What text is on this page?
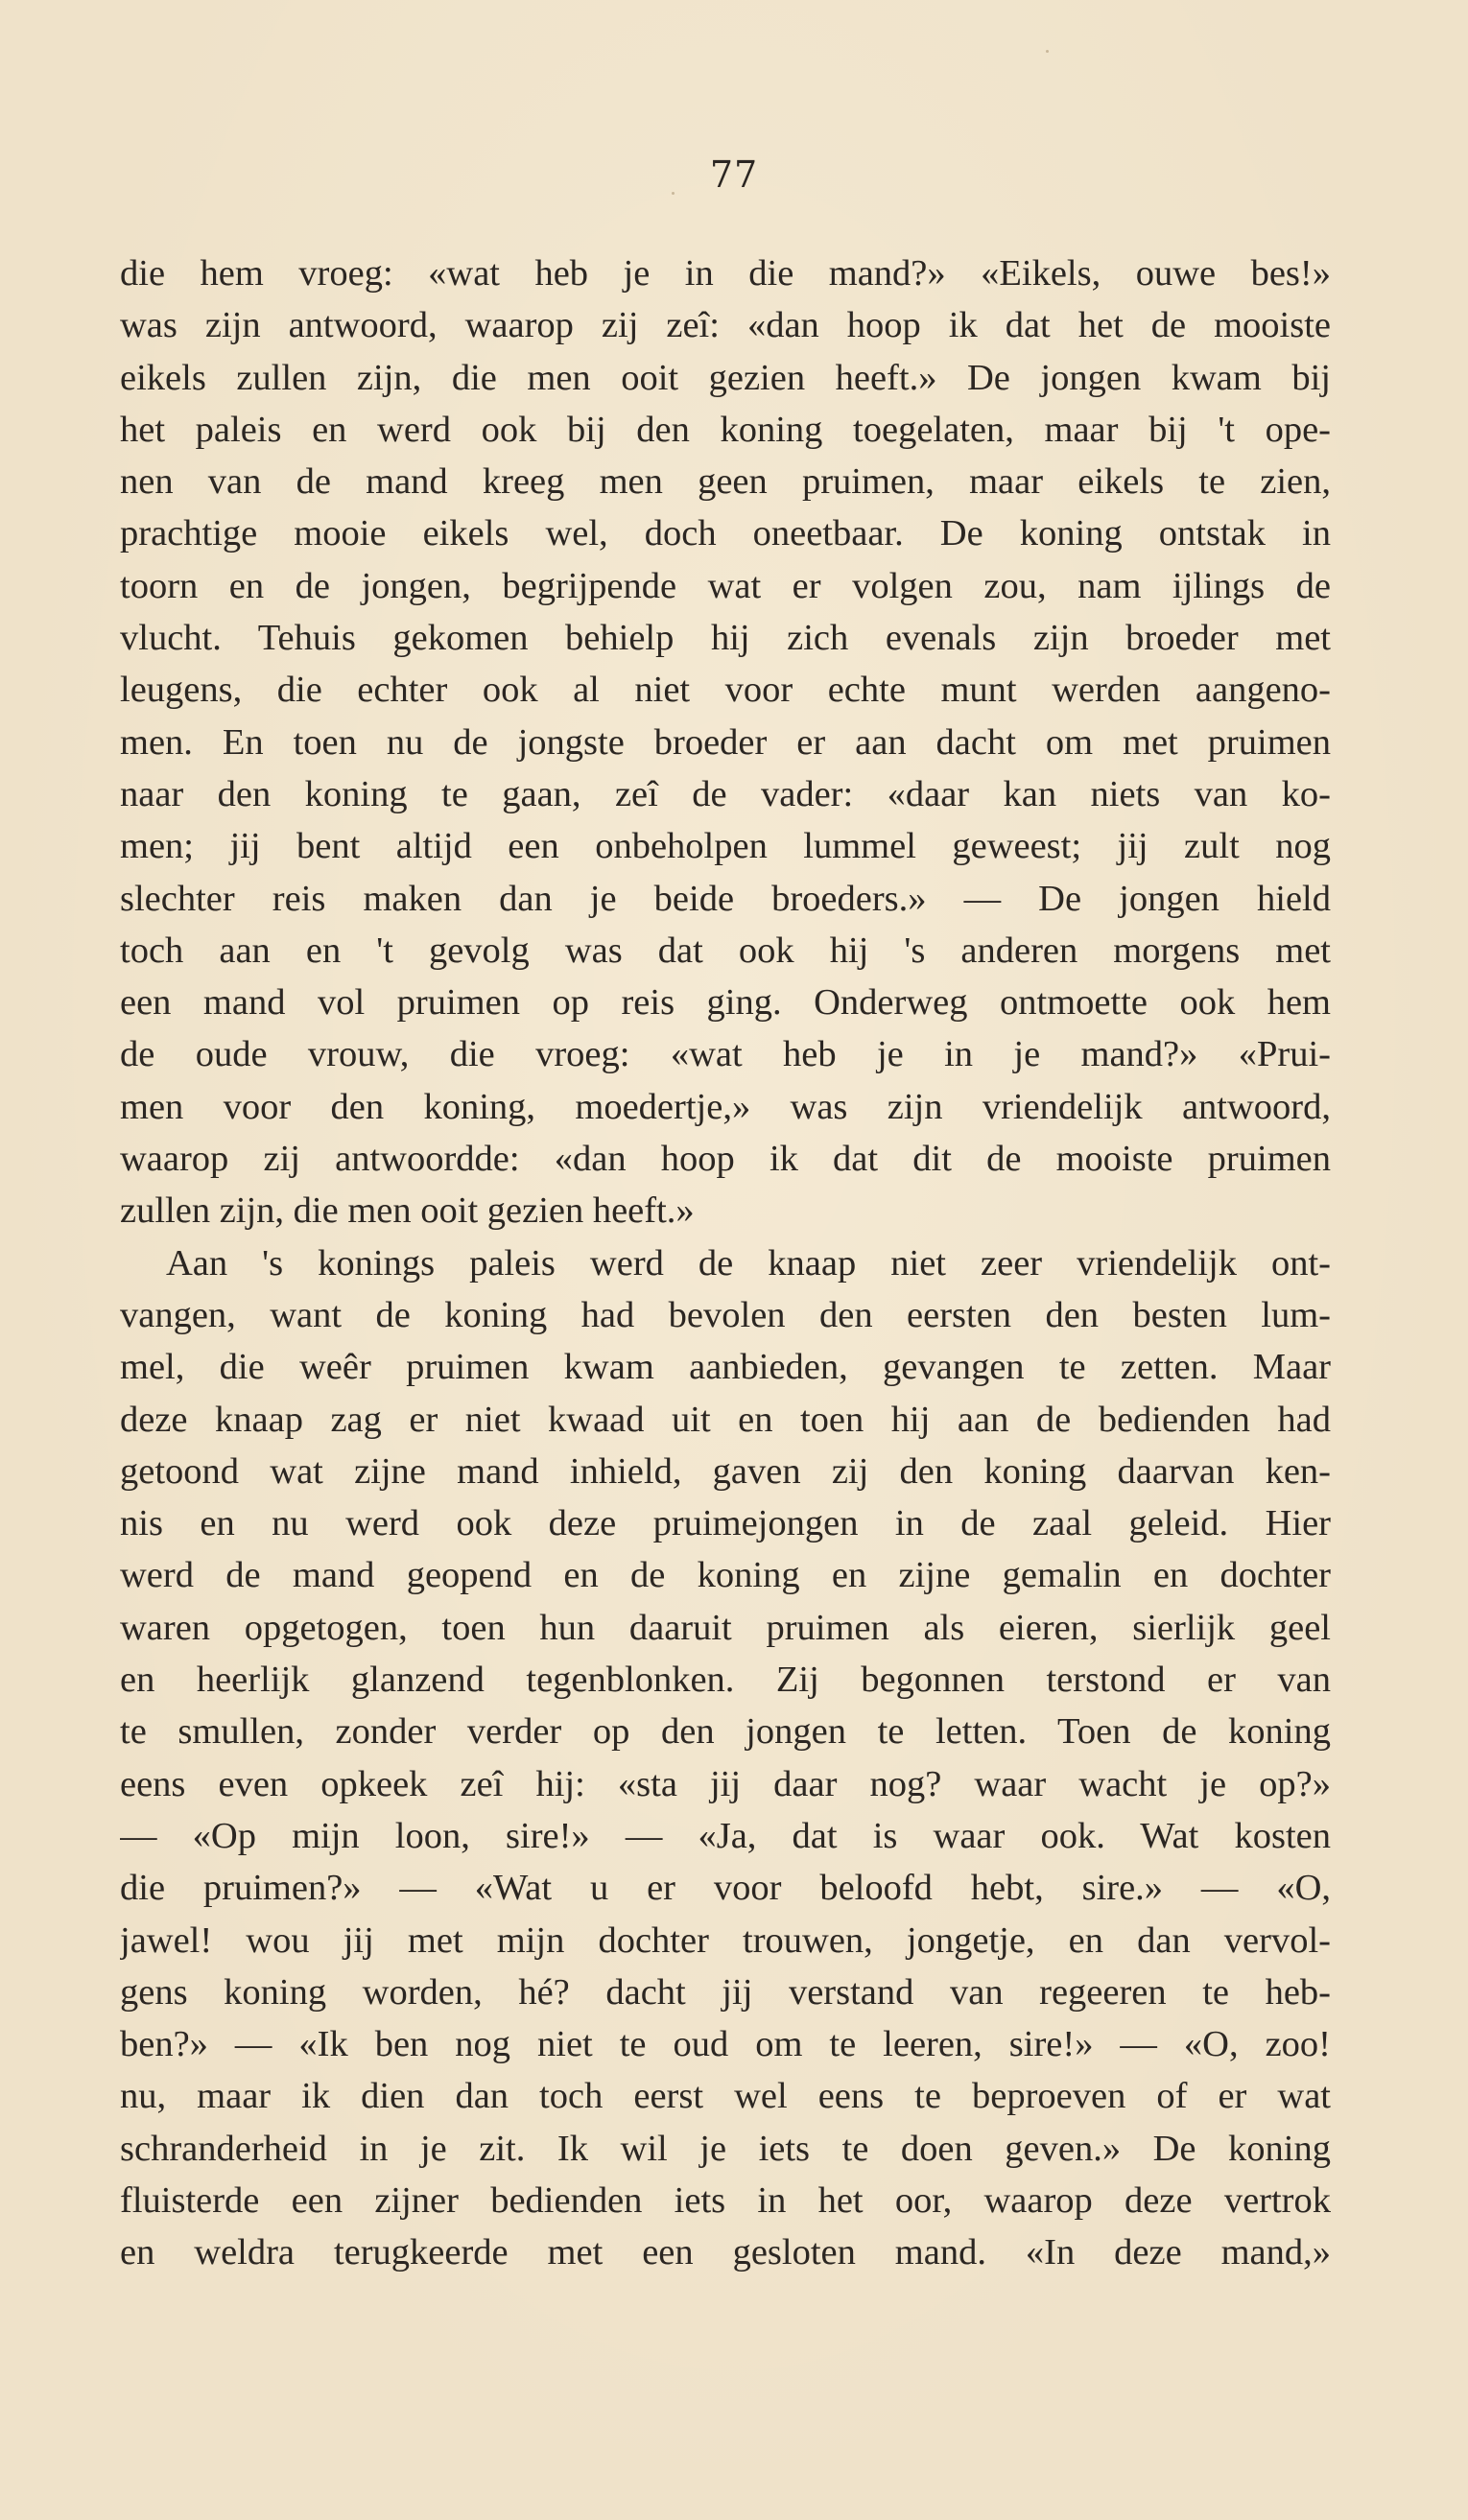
77
die hem vroeg: «wat heb je in die mand?» «Eikels, ouwe bes!»
was zijn antwoord, waarop zij zeî: «dan hoop ik dat het de mooiste
eikels zullen zijn, die men ooit gezien heeft.» De jongen kwam bij
het paleis en werd ook bij den koning toegelaten, maar bij 't ope-
nen van de mand kreeg men geen pruimen, maar eikels te zien,
prachtige mooie eikels wel, doch oneetbaar. De koning ontstak in
toorn en de jongen, begrijpende wat er volgen zou, nam ijlings de
vlucht. Tehuis gekomen behielp hij zich evenals zijn broeder met
leugens, die echter ook al niet voor echte munt werden aangeno-
men. En toen nu de jongste broeder er aan dacht om met pruimen
naar den koning te gaan, zeî de vader: «daar kan niets van ko-
men; jij bent altijd een onbeholpen lummel geweest; jij zult nog
slechter reis maken dan je beide broeders.» — De jongen hield
toch aan en 't gevolg was dat ook hij 's anderen morgens met
een mand vol pruimen op reis ging. Onderweg ontmoette ook hem
de oude vrouw, die vroeg: «wat heb je in je mand?» «Prui-
men voor den koning, moedertje,» was zijn vriendelijk antwoord,
waarop zij antwoordde: «dan hoop ik dat dit de mooiste pruimen
zullen zijn, die men ooit gezien heeft.»
Aan 's konings paleis werd de knaap niet zeer vriendelijk ont-
vangen, want de koning had bevolen den eersten den besten lum-
mel, die weêr pruimen kwam aanbieden, gevangen te zetten. Maar
deze knaap zag er niet kwaad uit en toen hij aan de bedienden had
getoond wat zijne mand inhield, gaven zij den koning daarvan ken-
nis en nu werd ook deze pruimejongen in de zaal geleid. Hier
werd de mand geopend en de koning en zijne gemalin en dochter
waren opgetogen, toen hun daaruit pruimen als eieren, sierlijk geel
en heerlijk glanzend tegenblonken. Zij begonnen terstond er van
te smullen, zonder verder op den jongen te letten. Toen de koning
eens even opkeek zeî hij: «sta jij daar nog? waar wacht je op?»
— «Op mijn loon, sire!» — «Ja, dat is waar ook. Wat kosten
die pruimen?» — «Wat u er voor beloofd hebt, sire.» — «O,
jawel! wou jij met mijn dochter trouwen, jongetje, en dan vervol-
gens koning worden, hé? dacht jij verstand van regeeren te heb-
ben?» — «Ik ben nog niet te oud om te leeren, sire!» — «O, zoo!
nu, maar ik dien dan toch eerst wel eens te beproeven of er wat
schranderheid in je zit. Ik wil je iets te doen geven.» De koning
fluisterde een zijner bedienden iets in het oor, waarop deze vertrok
en weldra terugkeerde met een gesloten mand. «In deze mand,»
